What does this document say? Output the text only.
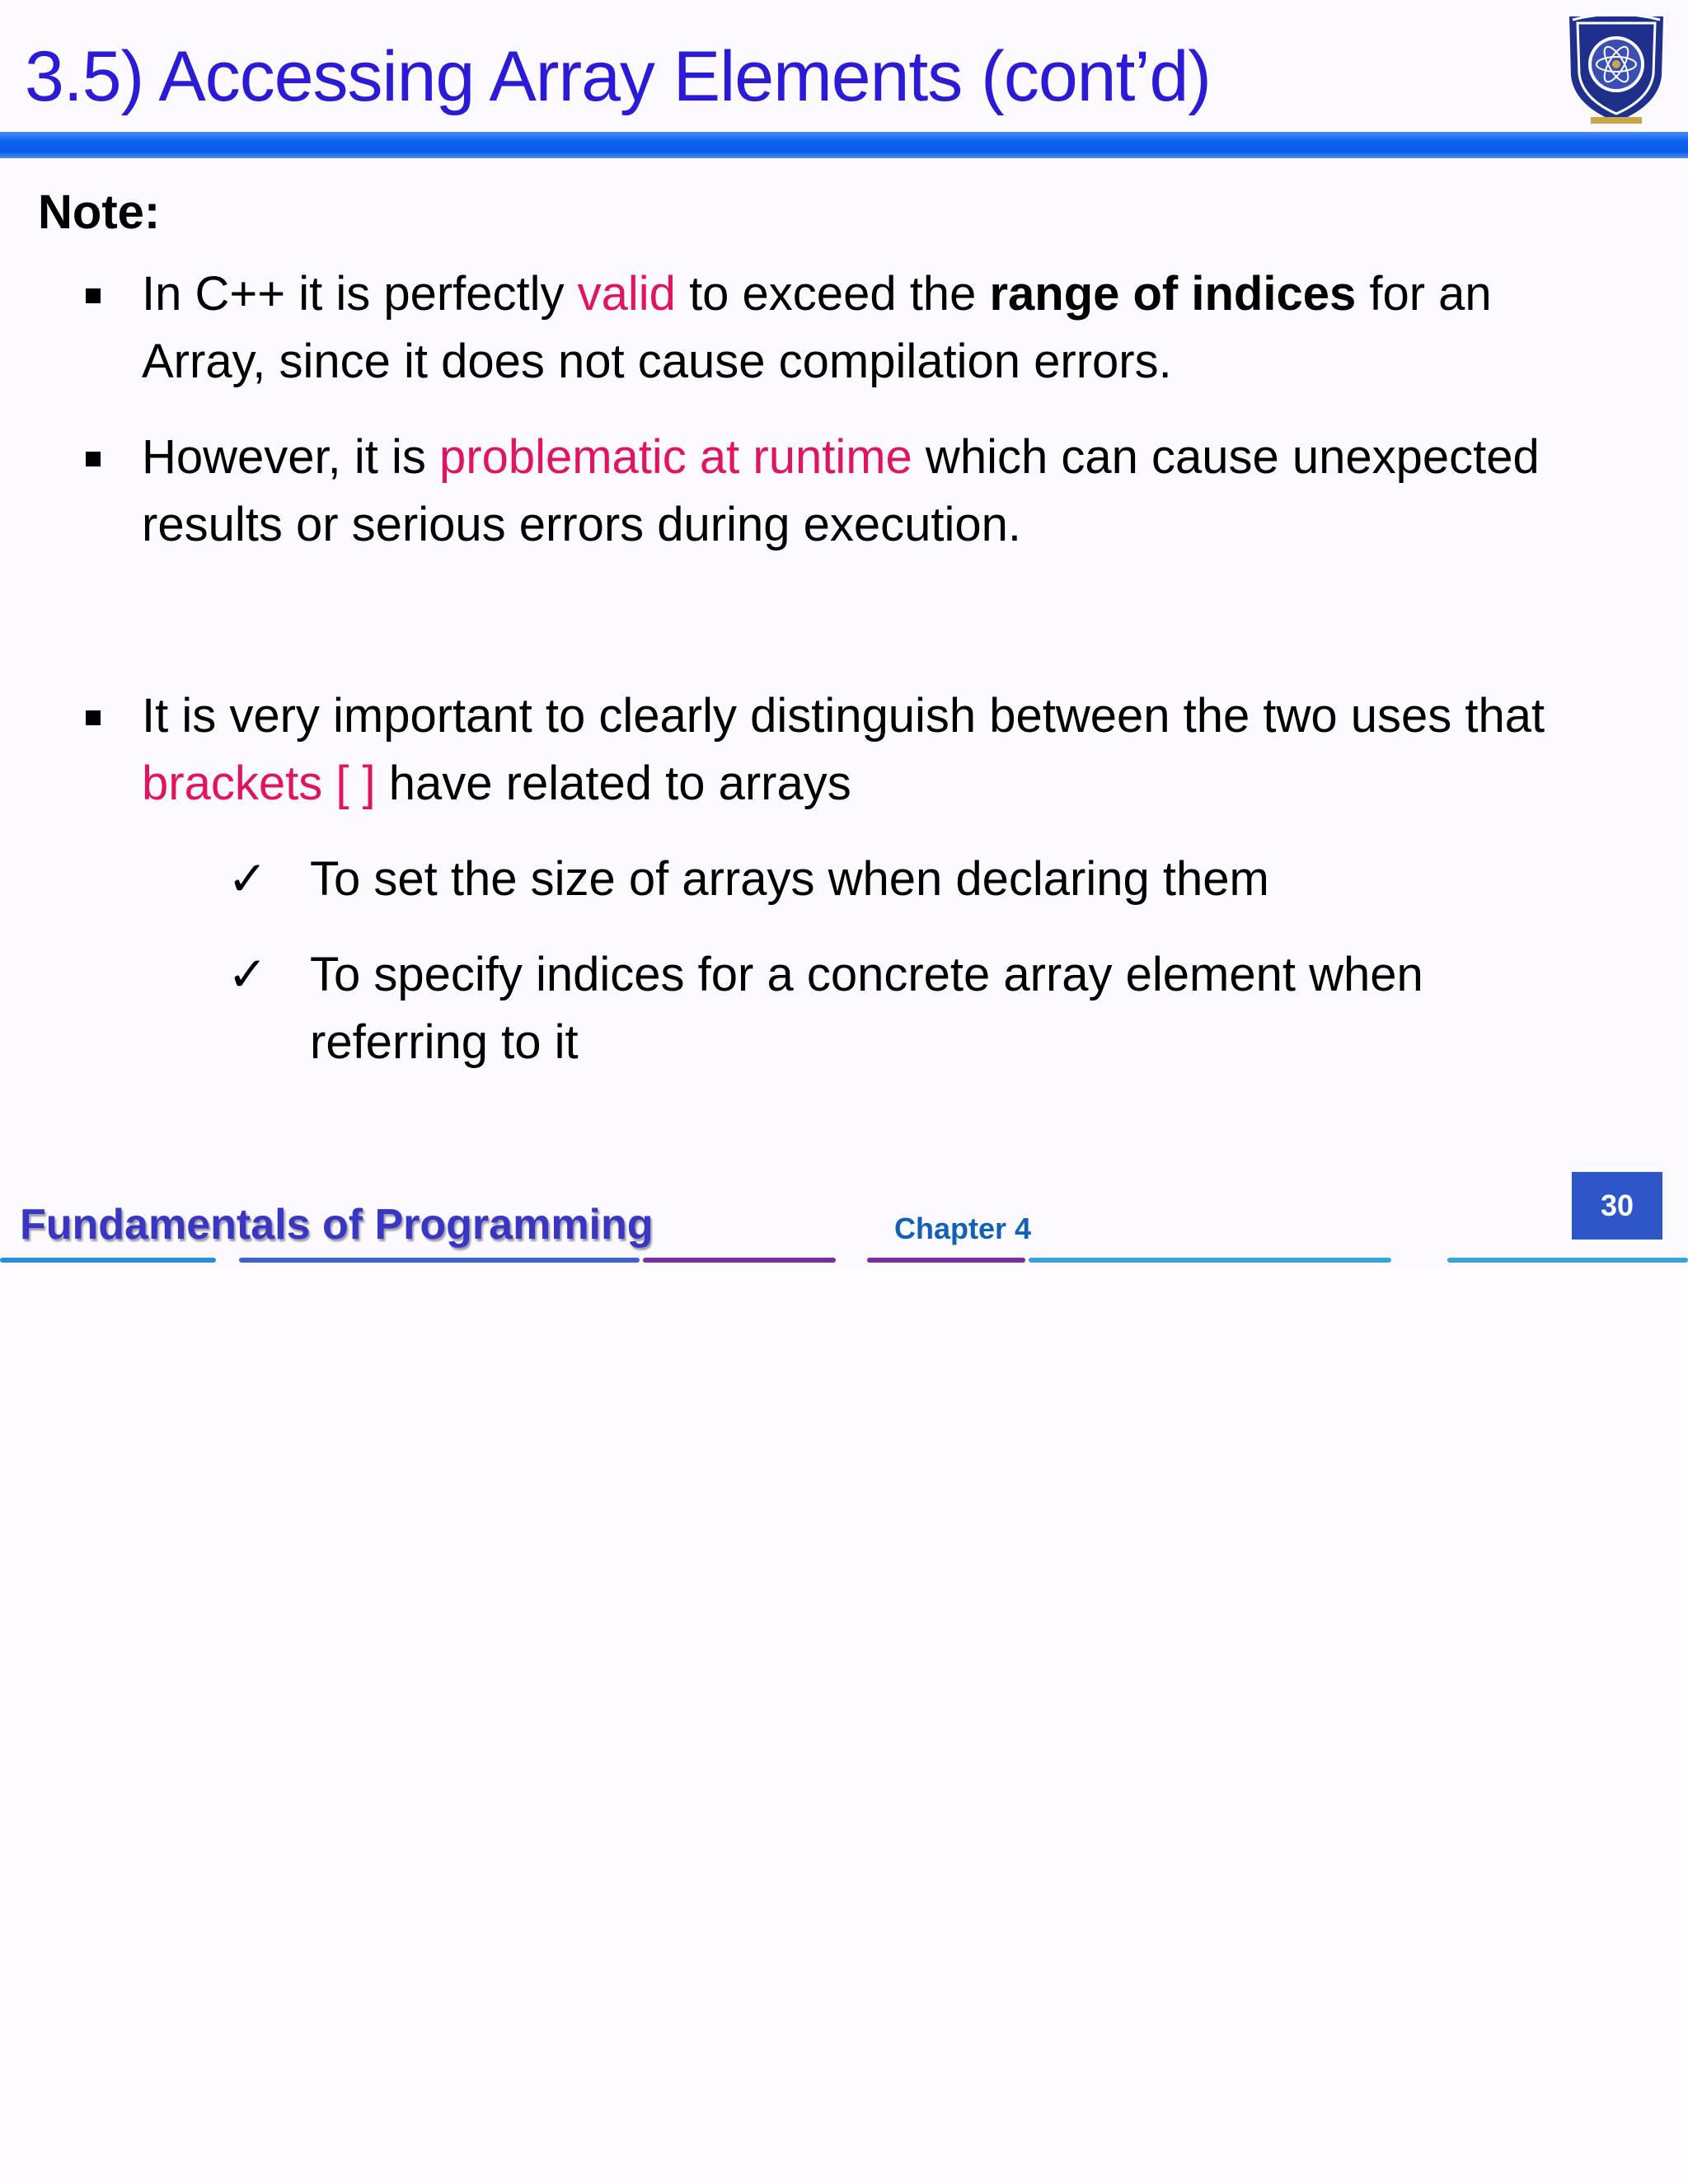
3.5) Accessing Array Elements (cont’d)

Note:

In C++ it is perfectly valid to exceed the range of indices for an Array, since it does not cause compilation errors.
However, it is problematic at runtime which can cause unexpected results or serious errors during execution.
It is very important to clearly distinguish between the two uses that brackets [ ] have related to arrays
✓ To set the size of arrays when declaring them
✓ To specify indices for a concrete array element when referring to it
Fundamentals of Programming	Chapter 4
30
